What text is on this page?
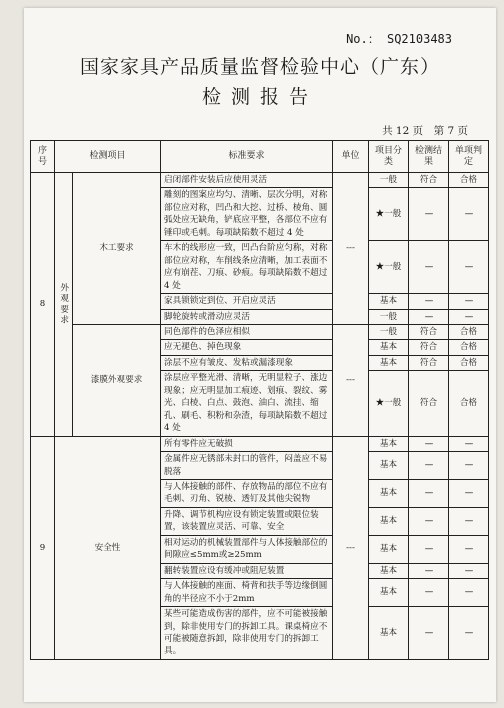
No.： SQ2103483
国家家具产品质量监督检验中心（广东）
检测报告
共 12 页　第 7 页
序号	检测项目		标准要求	单位	项目分类	检测结果	单项判定
8	外观要求	木工要求	启闭部件安装后应使用灵活	---	一般	符合	合格
			雕刻的图案应均匀、清晰、层次分明，对称部位应对称，凹凸和大挖、过桥、棱角、圆弧处应无缺角，铲底应平整，各部位不应有锤印或毛刺。每项缺陷数不超过 4 处		★一般	----	----
			车木的线形应一致，凹凸台阶应匀称，对称部位应对称，车削线条应清晰，加工表面不应有崩茬、刀痕、砂痕。每项缺陷数不超过 4 处		★一般	----	----
			家具锁锁定到位、开启应灵活		基本	----	----
			脚轮旋转或滑动应灵活		一般	----	----
		漆膜外观要求	同色部件的色泽应相似	---	一般	符合	合格
			应无褪色、掉色现象		基本	符合	合格
			涂层不应有皱皮、发粘或漏漆现象		基本	符合	合格
			涂层应平整光滑、清晰，无明显粒子、涨边现象；应无明显加工痕迹、划痕、裂纹、雾光、白棱、白点、鼓泡、油白、流挂、缩孔、刷毛、积粉和杂渣，每项缺陷数不超过 4 处		★一般	符合	合格
9	安全性		所有零件应无破损	---	基本	----	----
			金属件应无锈部未封口的管件，闷盖应不易脱落		基本	----	----
			与人体接触的部件、存放物品的部位不应有毛刺、刃角、锐棱、透钉及其他尖锐物		基本	----	----
			升降、调节机构应设有锁定装置或限位装置，该装置应灵活、可靠、安全		基本	----	----
			相对运动的机械装置部件与人体接触部位的间隙应≤5mm或≥25mm		基本	----	----
			翻转装置应设有缓冲或阻尼装置		基本	----	----
			与人体接触的座面、椅背和扶手等边缘倒圆角的半径应不小于2mm		基本	----	----
			某些可能造成伤害的部件，应不可能被接触到，除非使用专门的拆卸工具。课桌椅应不可能被随意拆卸，除非使用专门的拆卸工具。		基本	----	----
